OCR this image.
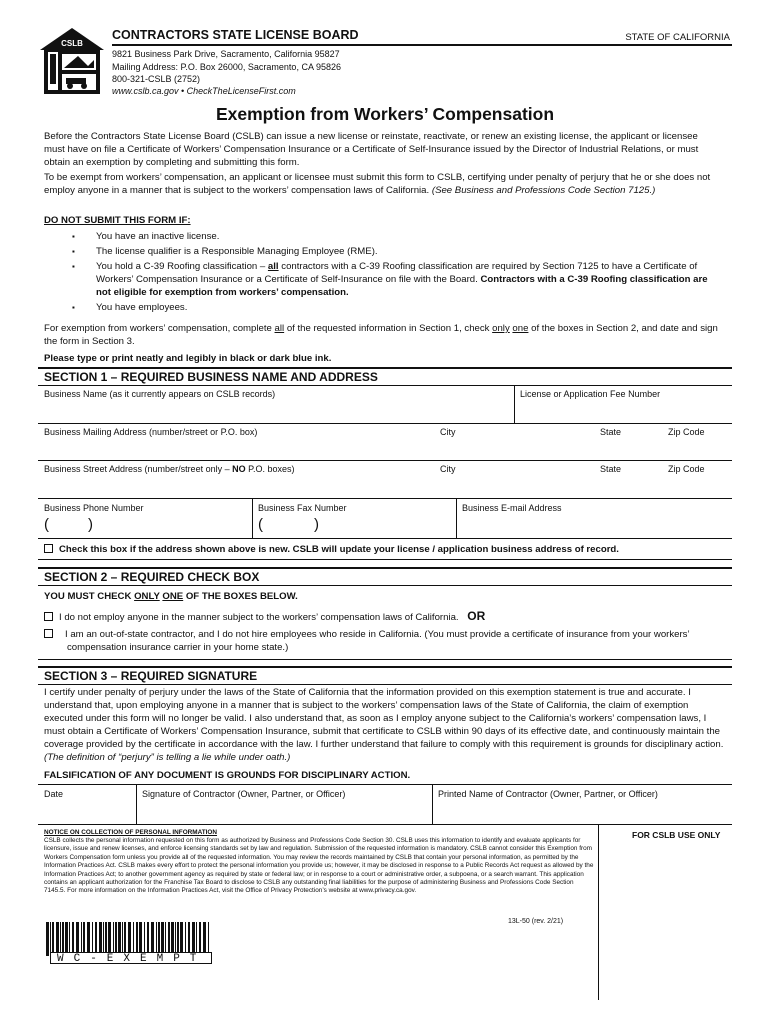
CSLB
CONTRACTORS STATE LICENSE BOARD	STATE OF CALIFORNIA
9821 Business Park Drive, Sacramento, California 95827
Mailing Address: P.O. Box 26000, Sacramento, CA 95826
800-321-CSLB (2752)
www.cslb.ca.gov • CheckTheLicenseFirst.com
Exemption from Workers’ Compensation
Before the Contractors State License Board (CSLB) can issue a new license or reinstate, reactivate, or renew an existing license, the applicant or licensee must have on file a Certificate of Workers’ Compensation Insurance or a Certificate of Self-Insurance issued by the Director of Industrial Relations, or must obtain an exemption by completing and submitting this form.
To be exempt from workers’ compensation, an applicant or licensee must submit this form to CSLB, certifying under penalty of perjury that he or she does not employ anyone in a manner that is subject to the workers’ compensation laws of California. (See Business and Professions Code Section 7125.)
DO NOT SUBMIT THIS FORM IF:
▪ You have an inactive license.
▪ The license qualifier is a Responsible Managing Employee (RME).
▪ You hold a C-39 Roofing classification – all contractors with a C-39 Roofing classification are required by Section 7125 to have a Certificate of Workers’ Compensation Insurance or a Certificate of Self-Insurance on file with the Board. Contractors with a C-39 Roofing classification are not eligible for exemption from workers’ compensation.
▪ You have employees.
For exemption from workers’ compensation, complete all of the requested information in Section 1, check only one of the boxes in Section 2, and date and sign the form in Section 3.
Please type or print neatly and legibly in black or dark blue ink.
SECTION 1 – REQUIRED BUSINESS NAME AND ADDRESS
Business Name (as it currently appears on CSLB records)	License or Application Fee Number
Business Mailing Address (number/street or P.O. box)	City	State	Zip Code
Business Street Address (number/street only – NO P.O. boxes)	City	State	Zip Code
Business Phone Number	Business Fax Number	Business E-mail Address
(	)	(	)
Check this box if the address shown above is new. CSLB will update your license / application business address of record.
SECTION 2 – REQUIRED CHECK BOX
YOU MUST CHECK ONLY ONE OF THE BOXES BELOW.
I do not employ anyone in the manner subject to the workers’ compensation laws of California. OR
I am an out-of-state contractor, and I do not hire employees who reside in California. (You must provide a certificate of insurance from your workers’ compensation insurance carrier in your home state.)
SECTION 3 – REQUIRED SIGNATURE
I certify under penalty of perjury under the laws of the State of California that the information provided on this exemption statement is true and accurate. I understand that, upon employing anyone in a manner that is subject to the workers’ compensation laws of the State of California, the claim of exemption executed under this form will no longer be valid. I also understand that, as soon as I employ anyone subject to the California’s workers’ compensation laws, I must obtain a Certificate of Workers’ Compensation Insurance, submit that certificate to CSLB within 90 days of its effective date, and continuously maintain the coverage provided by the certificate in accordance with the law. I further understand that failure to comply with this requirement is grounds for disciplinary action. (The definition of “perjury” is telling a lie while under oath.)
FALSIFICATION OF ANY DOCUMENT IS GROUNDS FOR DISCIPLINARY ACTION.
Date	Signature of Contractor (Owner, Partner, or Officer)	Printed Name of Contractor (Owner, Partner, or Officer)
NOTICE ON COLLECTION OF PERSONAL INFORMATION
CSLB collects the personal information requested on this form as authorized by Business and Professions Code Section 30. CSLB uses this information to identify and evaluate applicants for licensure, issue and renew licenses, and enforce licensing standards set by law and regulation. Submission of the requested information is mandatory. CSLB cannot consider this Exemption from Workers Compensation form unless you provide all of the requested information. You may review the records maintained by CSLB that contain your personal information, as permitted by the Information Practices Act. CSLB makes every effort to protect the personal information you provide us; however, it may be disclosed in response to a Public Records Act request as allowed by the Information Practices Act; to another government agency as required by state or federal law; or in response to a court or administrative order, a subpoena, or a search warrant. This application contains an applicant authorization for the Franchise Tax Board to disclose to CSLB any outstanding final liabilities for the purpose of administering Business and Professions Code Section 7145.5. For more information on the Information Practices Act, visit the Office of Privacy Protection’s website at www.privacy.ca.gov.
13L-50 (rev. 2/21)
FOR CSLB USE ONLY
WC-EXEMPT
